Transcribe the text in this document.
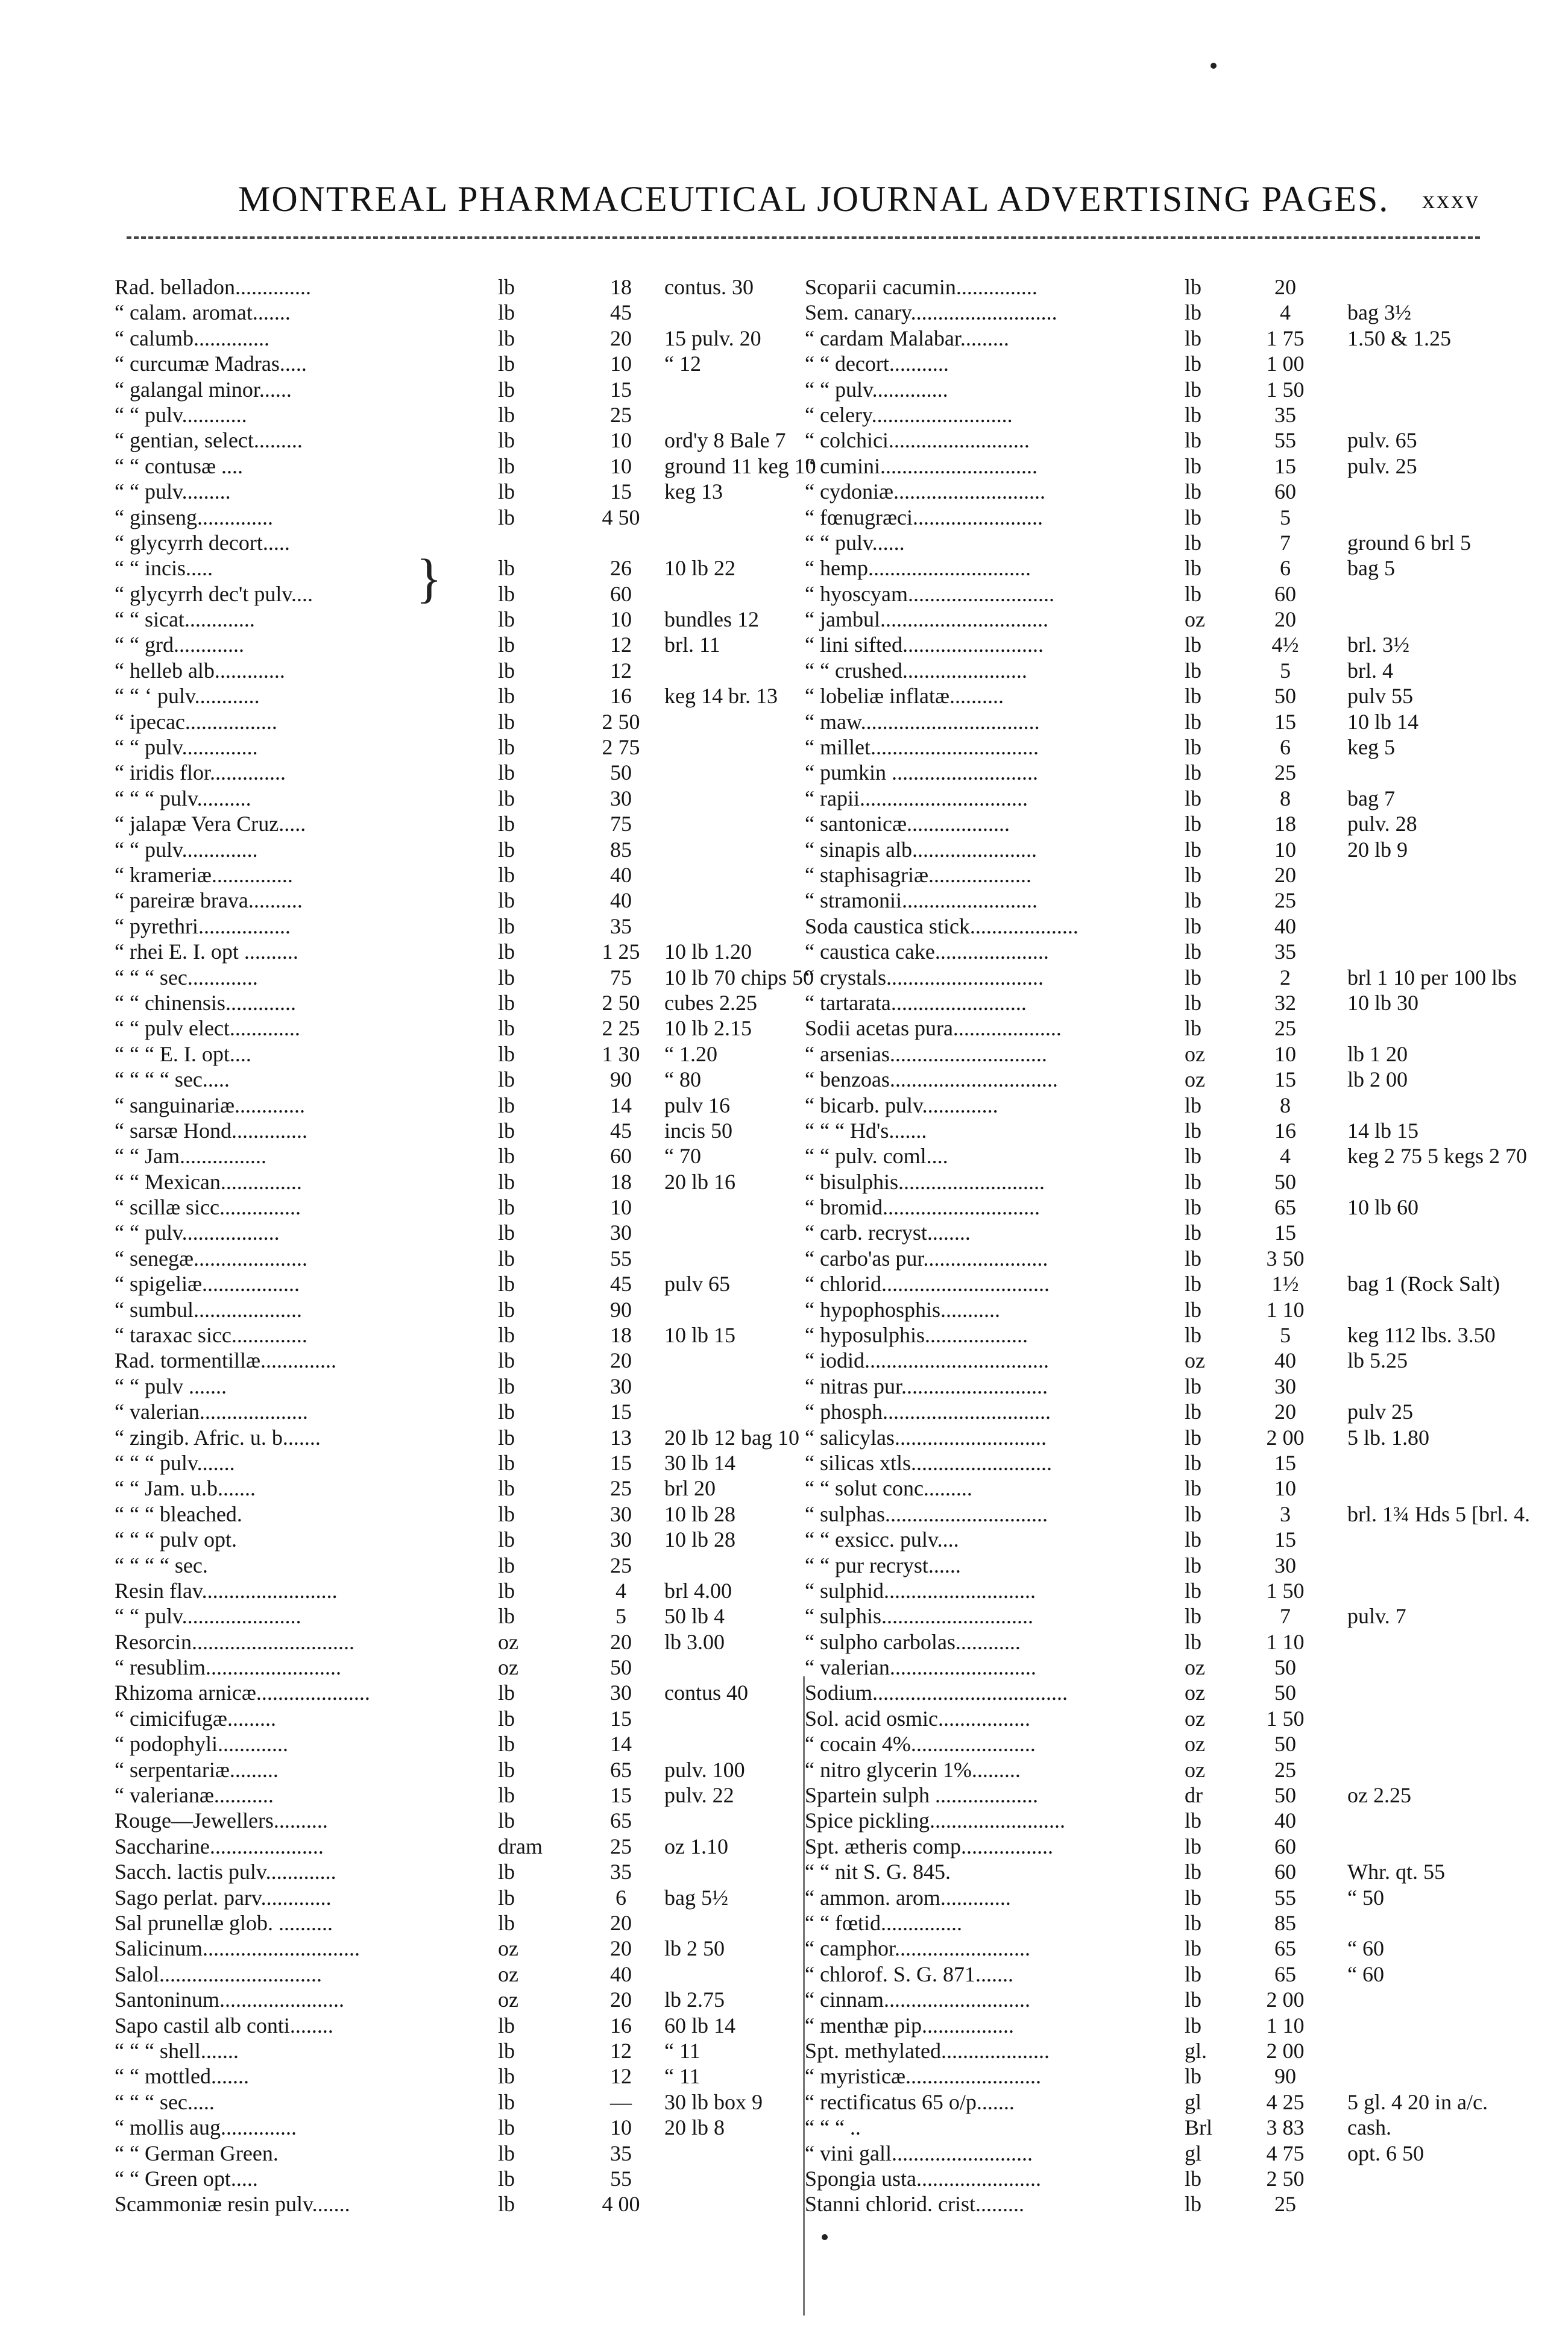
MONTREAL PHARMACEUTICAL JOURNAL ADVERTISING PAGES. xxxv
Rad. belladon..............	lb	18	contus. 30
“ calam. aromat.......	lb	45
“ calumb..............	lb	20	15 pulv. 20
“ curcumæ Madras.....	lb	10	“ 12
“ galangal minor......	lb	15
“ “ pulv............	lb	25
“ gentian, select.........	lb	10	ord'y 8 Bale 7
“ “ contusæ ....	lb	10	ground 11 keg 10
“ “ pulv.........	lb	15	keg 13
“ ginseng..............	lb	4 50
“ glycyrrh decort.....
“ “ incis.....	lb	26	10 lb 22
“ glycyrrh dec't pulv....	lb	60
“ “ sicat.............	lb	10	bundles 12
“ “ grd.............	lb	12	brl. 11
“ helleb alb.............	lb	12
“ “ ‘ pulv............	lb	16	keg 14 br. 13
“ ipecac.................	lb	2 50
“ “ pulv..............	lb	2 75
“ iridis flor..............	lb	50
“ “ “ pulv..........	lb	30
“ jalapæ Vera Cruz.....	lb	75
“ “ pulv..............	lb	85
“ krameriæ...............	lb	40
“ pareiræ brava..........	lb	40
“ pyrethri.................	lb	35
“ rhei E. I. opt ..........	lb	1 25	10 lb 1.20
“ “ “ sec.............	lb	75	10 lb 70 chips 50
“ “ chinensis.............	lb	2 50	cubes 2.25
“ “ pulv elect.............	lb	2 25	10 lb 2.15
“ “ “ E. I. opt....	lb	1 30	“ 1.20
“ “ “ “ sec.....	lb	90	“ 80
“ sanguinariæ.............	lb	14	pulv 16
“ sarsæ Hond..............	lb	45	incis 50
“ “ Jam................	lb	60	“ 70
“ “ Mexican...............	lb	18	20 lb 16
“ scillæ sicc...............	lb	10
“ “ pulv..................	lb	30
“ senegæ.....................	lb	55
“ spigeliæ..................	lb	45	pulv 65
“ sumbul....................	lb	90
“ taraxac sicc..............	lb	18	10 lb 15
Rad. tormentillæ..............	lb	20
“ “ pulv .......	lb	30
“ valerian....................	lb	15
“ zingib. Afric. u. b.......	lb	13	20 lb 12 bag 10
“ “ “ pulv.......	lb	15	30 lb 14
“ “ Jam. u.b.......	lb	25	brl 20
“ “ “ bleached.	lb	30	10 lb 28
“ “ “ pulv opt.	lb	30	10 lb 28
“ “ “ “ sec.	lb	25
Resin flav.........................	lb	4	brl 4.00
“ “ pulv......................	lb	5	50 lb 4
Resorcin..............................	oz	20	lb 3.00
“ resublim.........................	oz	50
Rhizoma arnicæ.....................	lb	30	contus 40
“ cimicifugæ.........	lb	15
“ podophyli.............	lb	14
“ serpentariæ.........	lb	65	pulv. 100
“ valerianæ...........	lb	15	pulv. 22
Rouge—Jewellers..........	lb	65
Saccharine.....................	dram	25	oz 1.10
Sacch. lactis pulv.............	lb	35
Sago perlat. parv.............	lb	6	bag 5½
Sal prunellæ glob. ..........	lb	20
Salicinum.............................	oz	20	lb 2 50
Salol..............................	oz	40
Santoninum.......................	oz	20	lb 2.75
Sapo castil alb conti........	lb	16	60 lb 14
“ “ “ shell.......	lb	12	“ 11
“ “ mottled.......	lb	12	“ 11
“ “ “ sec.....	lb	—	30 lb box 9
“ mollis aug..............	lb	10	20 lb 8
“ “ German Green.	lb	35
“ “ Green opt.....	lb	55
Scammoniæ resin pulv.......	lb	4 00
Scoparii cacumin...............	lb	20
Sem. canary...........................	lb	4	bag 3½
“ cardam Malabar.........	lb	1 75	1.50 & 1.25
“ “ decort...........	lb	1 00
“ “ pulv..............	lb	1 50
“ celery..........................	lb	35
“ colchici..........................	lb	55	pulv. 65
“ cumini.............................	lb	15	pulv. 25
“ cydoniæ............................	lb	60
“ fœnugræci........................	lb	5
“ “ pulv......	lb	7	ground 6 brl 5
“ hemp..............................	lb	6	bag 5
“ hyoscyam...........................	lb	60
“ jambul...............................	oz	20
“ lini sifted..........................	lb	4½	brl. 3½
“ “ crushed.......................	lb	5	brl. 4
“ lobeliæ inflatæ..........	lb	50	pulv 55
“ maw.................................	lb	15	10 lb 14
“ millet...............................	lb	6	keg 5
“ pumkin ...........................	lb	25
“ rapii...............................	lb	8	bag 7
“ santonicæ...................	lb	18	pulv. 28
“ sinapis alb.......................	lb	10	20 lb 9
“ staphisagriæ...................	lb	20
“ stramonii.........................	lb	25
Soda caustica stick....................	lb	40
“ caustica cake.....................	lb	35
“ crystals.............................	lb	2	brl 1 10 per 100 lbs
“ tartarata.........................	lb	32	10 lb 30
Sodii acetas pura....................	lb	25
“ arsenias.............................	oz	10	lb 1 20
“ benzoas...............................	oz	15	lb 2 00
“ bicarb. pulv..............	lb	8
“ “ “ Hd's.......	lb	16	14 lb 15
“ “ pulv. coml....	lb	4	keg 2 75 5 kegs 2 70
“ bisulphis...........................	lb	50
“ bromid.............................	lb	65	10 lb 60
“ carb. recryst........	lb	15
“ carbo'as pur.......................	lb	3 50
“ chlorid...............................	lb	1½	bag 1 (Rock Salt)
“ hypophosphis...........	lb	1 10
“ hyposulphis...................	lb	5	keg 112 lbs. 3.50
“ iodid..................................	oz	40	lb 5.25
“ nitras pur...........................	lb	30
“ phosph...............................	lb	20	pulv 25
“ salicylas............................	lb	2 00	5 lb. 1.80
“ silicas xtls..........................	lb	15
“ “ solut conc.........	lb	10
“ sulphas..............................	lb	3	brl. 1¾ Hds 5 [brl. 4.
“ “ exsicc. pulv....	lb	15
“ “ pur recryst......	lb	30
“ sulphid............................	lb	1 50
“ sulphis............................	lb	7	pulv. 7
“ sulpho carbolas............	lb	1 10
“ valerian...........................	oz	50
Sodium....................................	oz	50
Sol. acid osmic.................	oz	1 50
“ cocain 4%.......................	oz	50
“ nitro glycerin 1%.........	oz	25
Spartein sulph ...................	dr	50	oz 2.25
Spice pickling.........................	lb	40
Spt. ætheris comp.................	lb	60
“ “ nit S. G. 845.	lb	60	Whr. qt. 55
“ ammon. arom.............	lb	55	“ 50
“ “ fœtid...............	lb	85
“ camphor.........................	lb	65	“ 60
“ chlorof. S. G. 871.......	lb	65	“ 60
“ cinnam...........................	lb	2 00
“ menthæ pip.................	lb	1 10
Spt. methylated....................	gl.	2 00
“ myristicæ.........................	lb	90
“ rectificatus 65 o/p.......	gl	4 25	5 gl. 4 20 in a/c.
“ “ “ ..	Brl	3 83	cash.
“ vini gall..........................	gl	4 75	opt. 6 50
Spongia usta.......................	lb	2 50
Stanni chlorid. crist.........	lb	25
}
